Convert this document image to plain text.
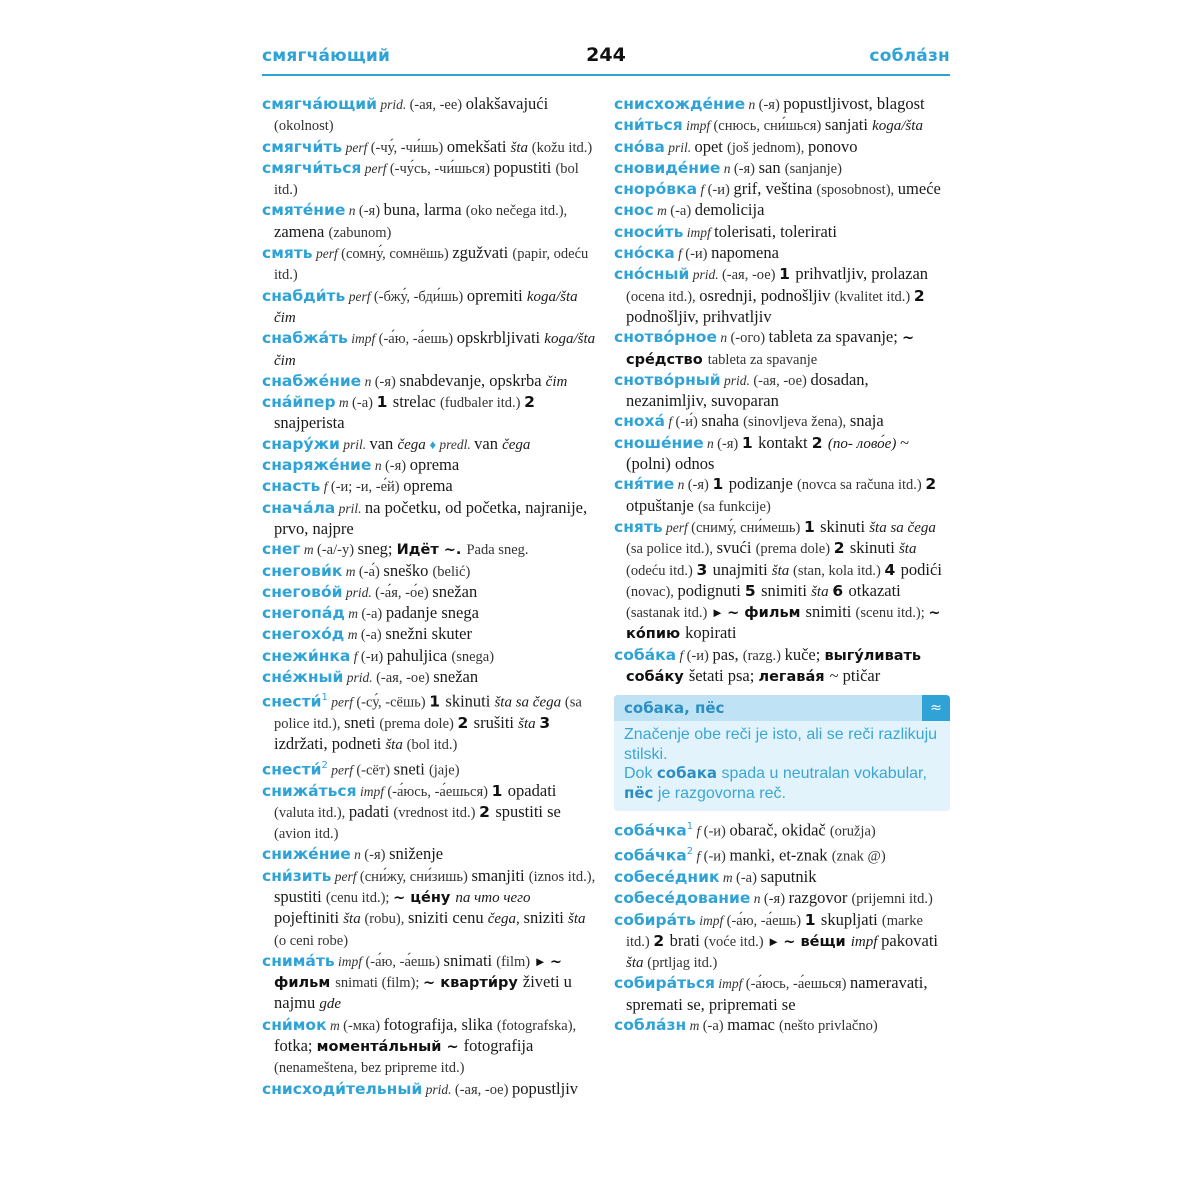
смягча́ющий	244	собла́зн

смягча́ющий prid. (-ая, -ее) olakšavajući (okolnost)

смягчи́ть perf (-чу́, -чи́шь) omekšati šta (kožu itd.)

смягчи́ться perf (-чу́сь, -чи́шься) popustiti (bol itd.)

смяте́ние n (-я) buna, larma (oko nečega itd.), zamena (zabunom)

смять perf (сомну́, сомнёшь) zgužvati (papir, odeću itd.)

снабди́ть perf (-бжу́, -бди́шь) opremiti koga/šta čim

снабжа́ть impf (-а́ю, -а́ешь) opskrbljivati koga/šta čim

снабже́ние n (-я) snabdevanje, opskrba čim

сна́йпер m (-а) 1 strelac (fudbaler itd.) 2 snajperista

снару́жи pril. van čega ♦ predl. van čega

снаряже́ние n (-я) oprema

снасть f (-и; -и, -е́й) oprema

снача́ла pril. na početku, od početka, najranije, prvo, najpre

снег m (-а/-у) sneg; Идёт ~. Pada sneg.

снегови́к m (-а́) sneško (belić)

снегово́й prid. (-а́я, -о́е) snežan

снегопа́д m (-а) padanje snega

снегохо́д m (-а) snežni skuter

снежи́нка f (-и) pahuljica (snega)

сне́жный prid. (-ая, -ое) snežan

снести́$^1$ perf (-су́, -сёшь) 1 skinuti šta sa čega (sa police itd.), sneti (prema dole) 2 srušiti šta 3 izdržati, podneti šta (bol itd.)

снести́$^2$ perf (-сёт) sneti (jaje)

снижа́ться impf (-а́юсь, -а́ешься) 1 opadati (valuta itd.), padati (vrednost itd.) 2 spustiti se (avion itd.)

сниже́ние n (-я) sniženje

сни́зить perf (сни́жу, сни́зишь) smanjiti (iznos itd.), spustiti (cenu itd.); ~ це́ну na что чего pojeftiniti šta (robu), sniziti cenu čega, sniziti šta (o ceni robe)

снима́ть impf (-а́ю, -а́ешь) snimati (film) ► ~ фильм snimati (film); ~ кварти́ру živeti u najmu gde

сни́мок m (-мка) fotografija, slika (fotografska), fotka; момента́льный ~ fotografija (nenameštena, bez pripreme itd.)

снисходи́тельный prid. (-ая, -ое) popustljiv

снисхожде́ние n (-я) popustljivost, blagost

сни́ться impf (снюсь, сни́шься) sanjati koga/šta

сно́ва pril. opet (još jednom), ponovo

сновиде́ние n (-я) san (sanjanje)

сноро́вка f (-и) grif, veština (sposobnost), umeće

снос m (-а) demolicija

сноси́ть impf tolerisati, tolerirati

сно́ска f (-и) napomena

сно́сный prid. (-ая, -ое) 1 prihvatljiv, prolazan (ocena itd.), osrednji, podnošljiv (kvalitet itd.) 2 podnošljiv, prihvatljiv

снотво́рное n (-ого) tableta za spavanje; ~ сре́дство tableta za spavanje

снотво́рный prid. (-ая, -ое) dosadan, nezanimljiv, suvoparan

сноха́ f (-и́) snaha (sinovljeva žena), snaja

сноше́ние n (-я) 1 kontakt 2 (по- лово́е) ~ (polni) odnos

сня́тие n (-я) 1 podizanje (novca sa računa itd.) 2 otpuštanje (sa funkcije)

снять perf (сниму́, сни́мешь) 1 skinuti šta sa čega (sa police itd.), svući (prema dole) 2 skinuti šta (odeću itd.) 3 unajmiti šta (stan, kola itd.) 4 podići (novac), podignuti 5 snimiti šta 6 otkazati (sastanak itd.) ► ~ фильм snimiti (scenu itd.); ~ ко́пию kopirati

соба́ка f (-и) pas, (razg.) kuče; выгу́ливать соба́ку šetati psa; легава́я ~ ptičar

собака, пёс	≈
Značenje obe reči je isto, ali se reči razlikuju stilski.
Dok собака spada u neutralan vokabular, пёс je razgovorna reč.

соба́чка$^1$ f (-и) obarač, okidač (oružja)

соба́чка$^2$ f (-и) manki, et-znak (znak @)

собесе́дник m (-а) saputnik

собесе́дование n (-я) razgovor (prijemni itd.)

собира́ть impf (-а́ю, -а́ешь) 1 skupljati (marke itd.) 2 brati (voće itd.) ► ~ ве́щи impf pakovati šta (prtljag itd.)

собира́ться impf (-а́юсь, -а́ешься) nameravati, spremati se, pripremati se

собла́зн m (-а) mamac (nešto privlačno)
